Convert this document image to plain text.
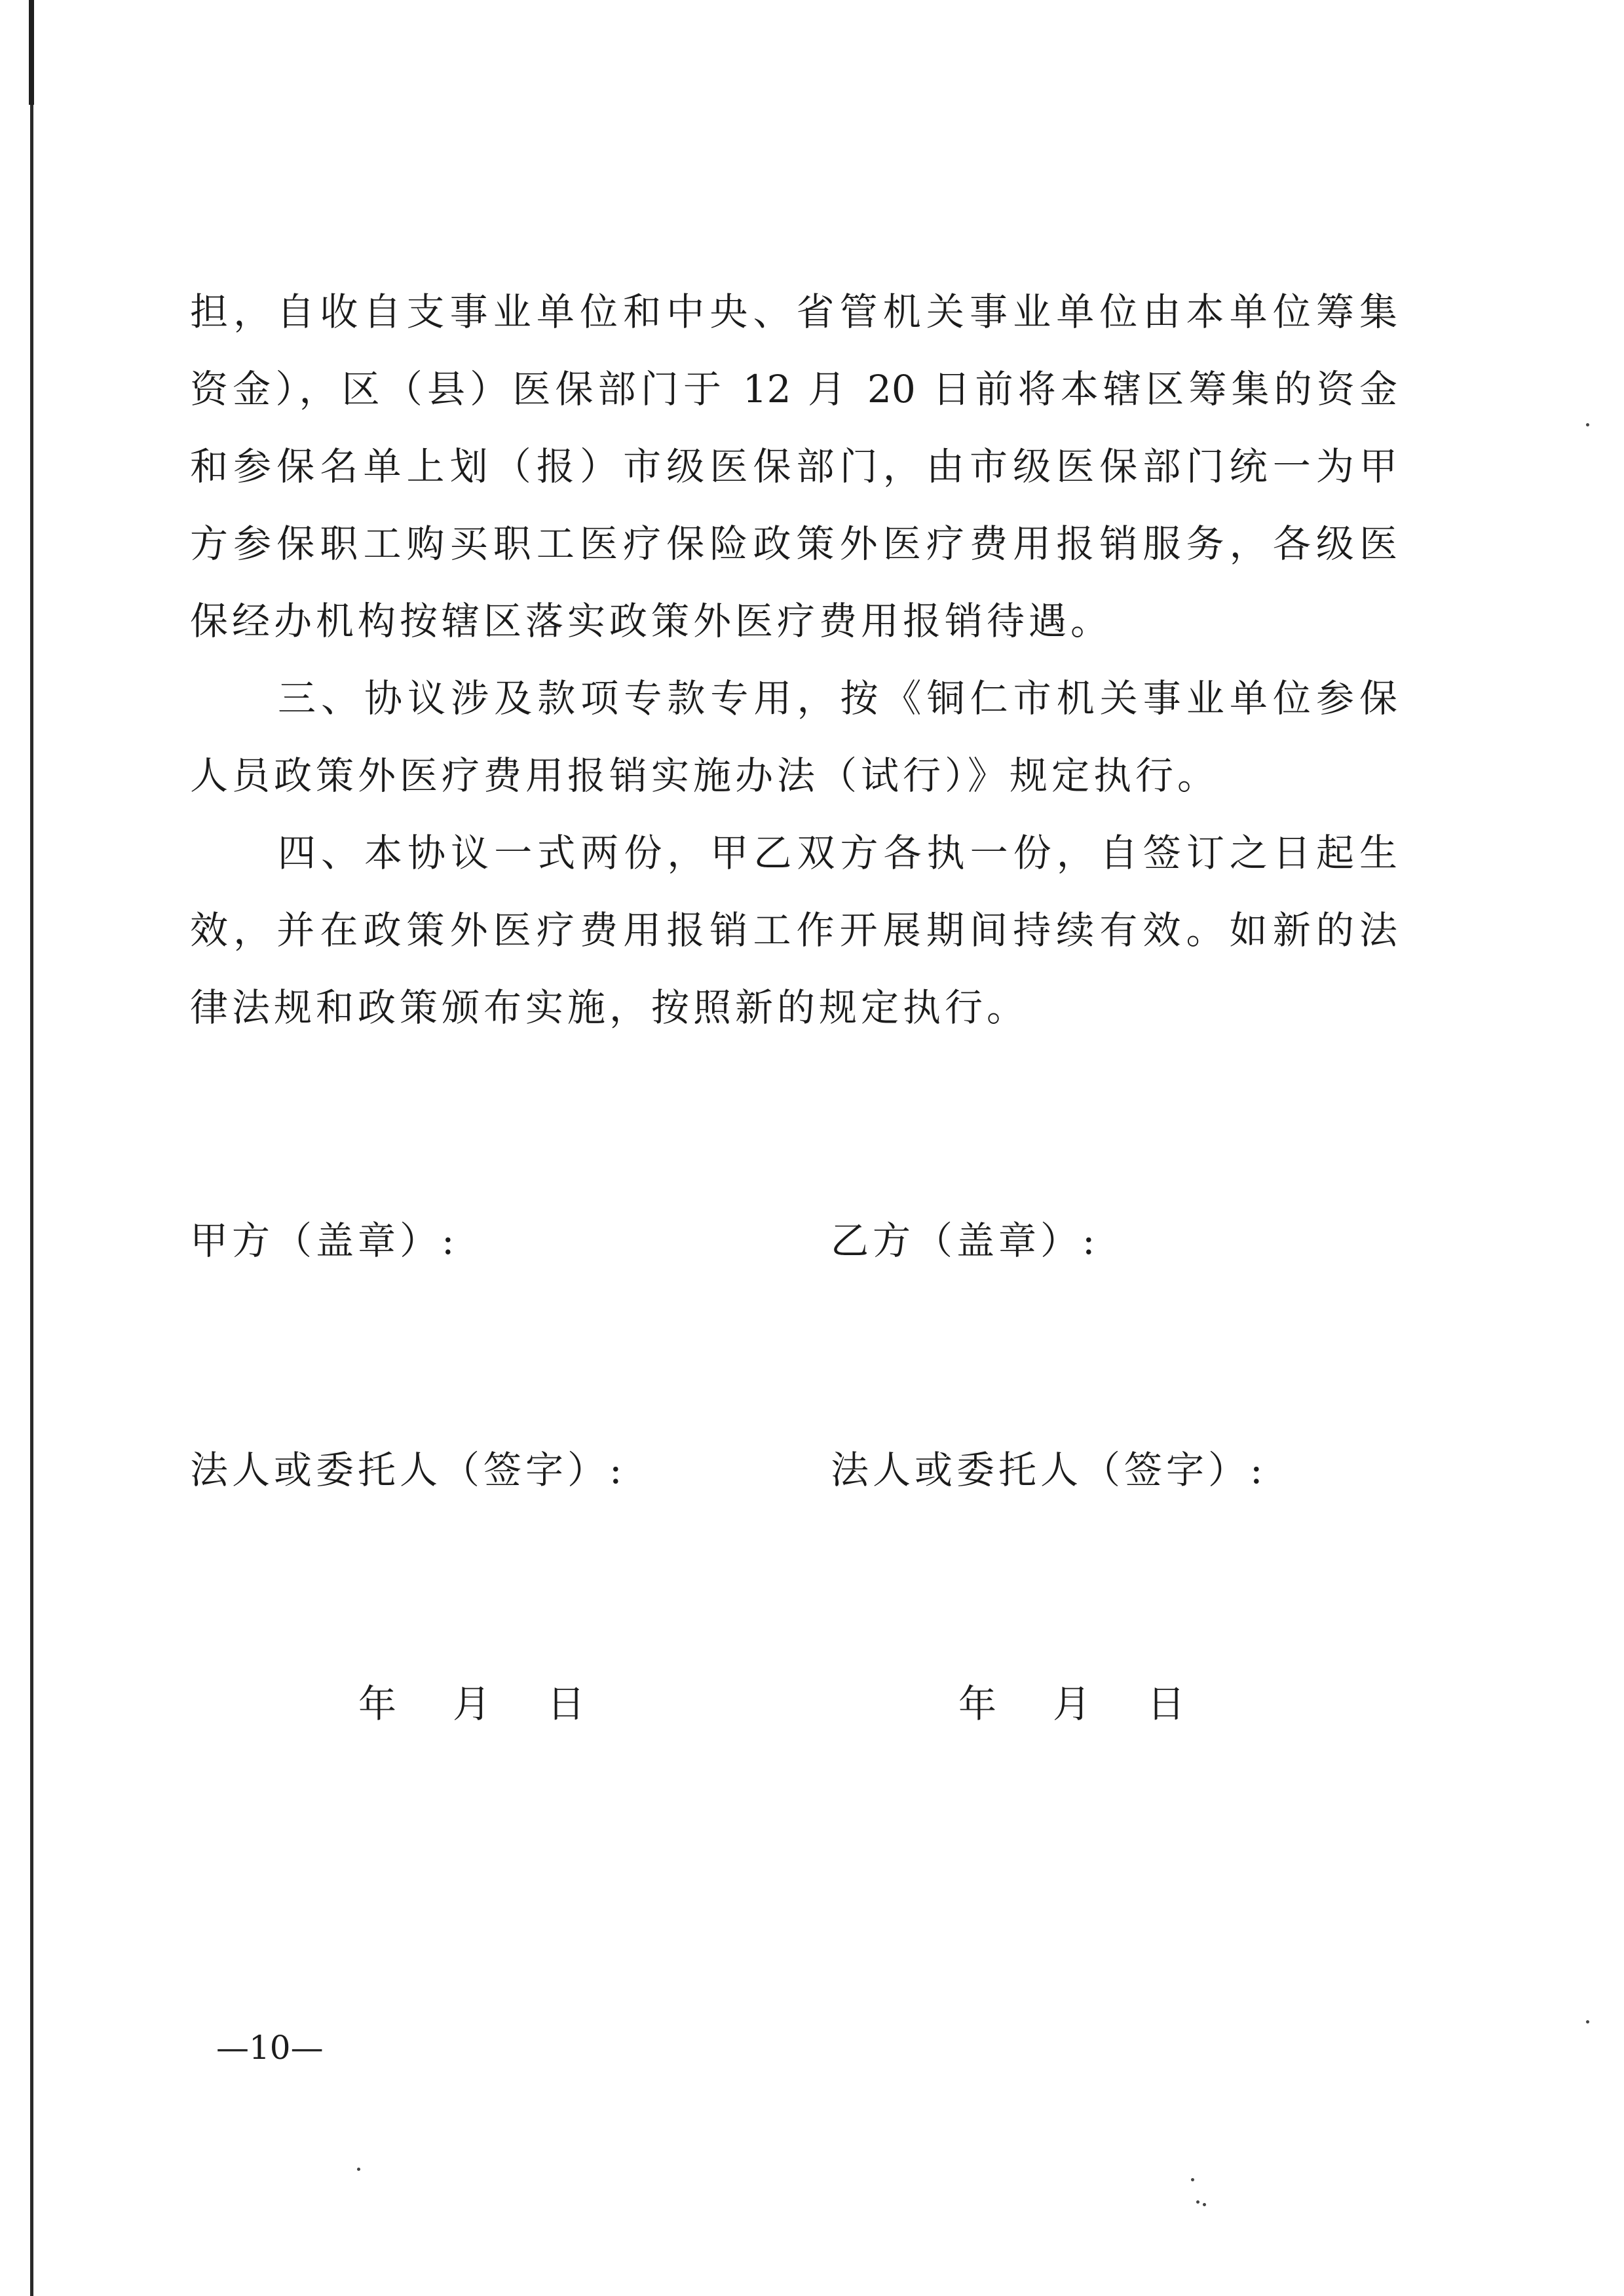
担，自收自支事业单位和中央、省管机关事业单位由本单位筹集
资金），区（县）医保部门于 12 月 20 日前将本辖区筹集的资金
和参保名单上划（报）市级医保部门，由市级医保部门统一为甲
方参保职工购买职工医疗保险政策外医疗费用报销服务，各级医
保经办机构按辖区落实政策外医疗费用报销待遇。
三、协议涉及款项专款专用，按《铜仁市机关事业单位参保
人员政策外医疗费用报销实施办法（试行）》规定执行。
四、本协议一式两份，甲乙双方各执一份，自签订之日起生
效，并在政策外医疗费用报销工作开展期间持续有效。如新的法
律法规和政策颁布实施，按照新的规定执行。
甲方（盖章）:	乙方（盖章）:
法人或委托人（签字）:	法人或委托人（签字）:
年　月　日	年　月　日
—10—
